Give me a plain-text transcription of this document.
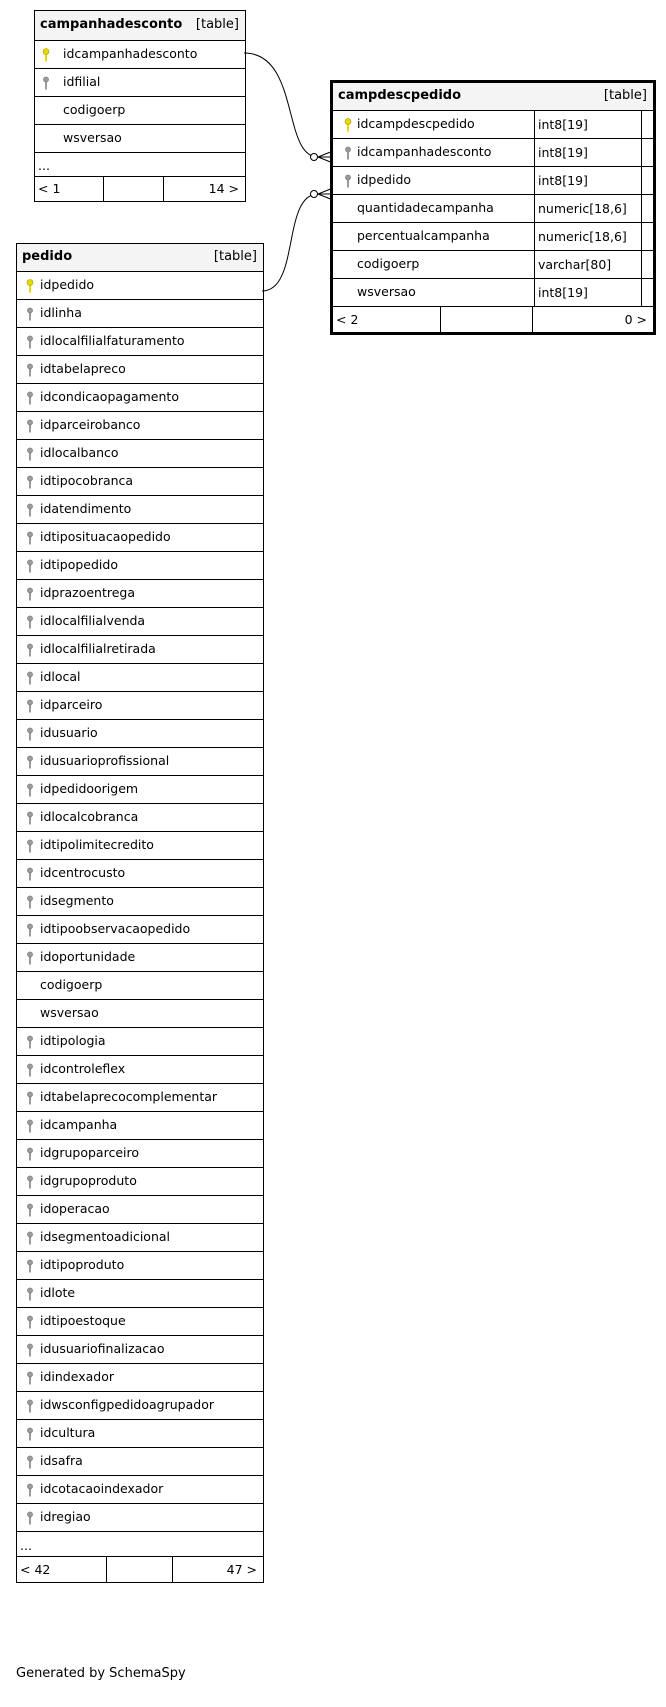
campanhadesconto [table]
idcampanhadesconto
idfilial
codigoerp
wsversao
...
< 1	14 >
campdescpedido	[table]
idcampdescpedido	int8[19]
idcampanhadesconto	int8[19]
idpedido	int8[19]
quantidadecampanha	numeric[18,6]
percentualcampanha	numeric[18,6]
codigoerp	varchar[80]
wsversao	int8[19]
< 2	0 >
pedido	[table]
idpedido
idlinha
idlocalfilialfaturamento
idtabelapreco
idcondicaopagamento
idparceirobanco
idlocalbanco
idtipocobranca
idatendimento
idtiposituacaopedido
idtipopedido
idprazoentrega
idlocalfilialvenda
idlocalfilialretirada
idlocal
idparceiro
idusuario
idusuarioprofissional
idpedidoorigem
idlocalcobranca
idtipolimitecredito
idcentrocusto
idsegmento
idtipoobservacaopedido
idoportunidade
codigoerp
wsversao
idtipologia
idcontroleflex
idtabelaprecocomplementar
idcampanha
idgrupoparceiro
idgrupoproduto
idoperacao
idsegmentoadicional
idtipoproduto
idlote
idtipoestoque
idusuariofinalizacao
idindexador
idwsconfigpedidoagrupador
idcultura
idsafra
idcotacaoindexador
idregiao
...
< 42	47 >
Generated by SchemaSpy
